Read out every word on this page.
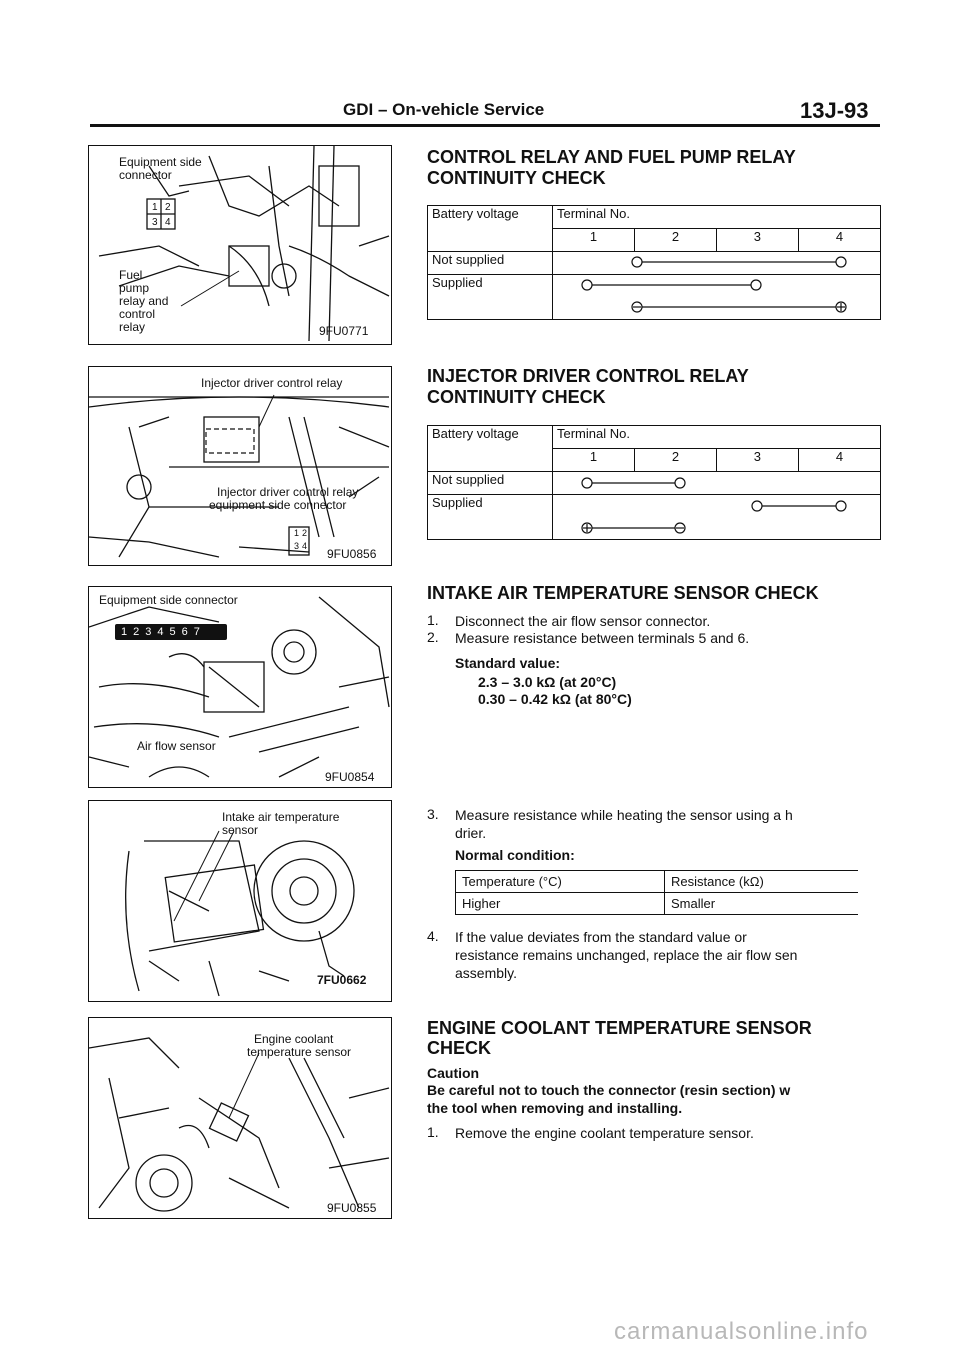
GDI – On-vehicle Service	13J-93
Equipment side
connector
1 2
3 4
Fuel
pump
relay and
control
relay	9FU0771
Injector driver control relay
Injector driver control relay
equipment side connector
1 2
3 4
9FU0856
Equipment side connector
1234567
Air flow sensor
9FU0854
Intake air temperature
sensor
7FU0662
Engine coolant
temperature sensor
9FU0855
CONTROL RELAY AND FUEL PUMP RELAY
CONTINUITY CHECK
Battery voltage	Terminal No.			
	1	2	3	4
Not supplied				
Supplied				
INJECTOR DRIVER CONTROL RELAY
CONTINUITY CHECK
Battery voltage	Terminal No.			
	1	2	3	4
Not supplied				
Supplied				
INTAKE AIR TEMPERATURE SENSOR CHECK
1. Disconnect the air flow sensor connector.
2. Measure resistance between terminals 5 and 6.
Standard value:
2.3 – 3.0 kΩ (at 20°C)
0.30 – 0.42 kΩ (at 80°C)
3. Measure resistance while heating the sensor using a h
drier.
Normal condition:
Temperature (°C)	Resistance (kΩ)
Higher	Smaller
4. If the value deviates from the standard value or
resistance remains unchanged, replace the air flow sen
assembly.
ENGINE COOLANT TEMPERATURE SENSOR
CHECK
Caution
Be careful not to touch the connector (resin section) w
the tool when removing and installing.
1. Remove the engine coolant temperature sensor.
carmanualsonline.info
